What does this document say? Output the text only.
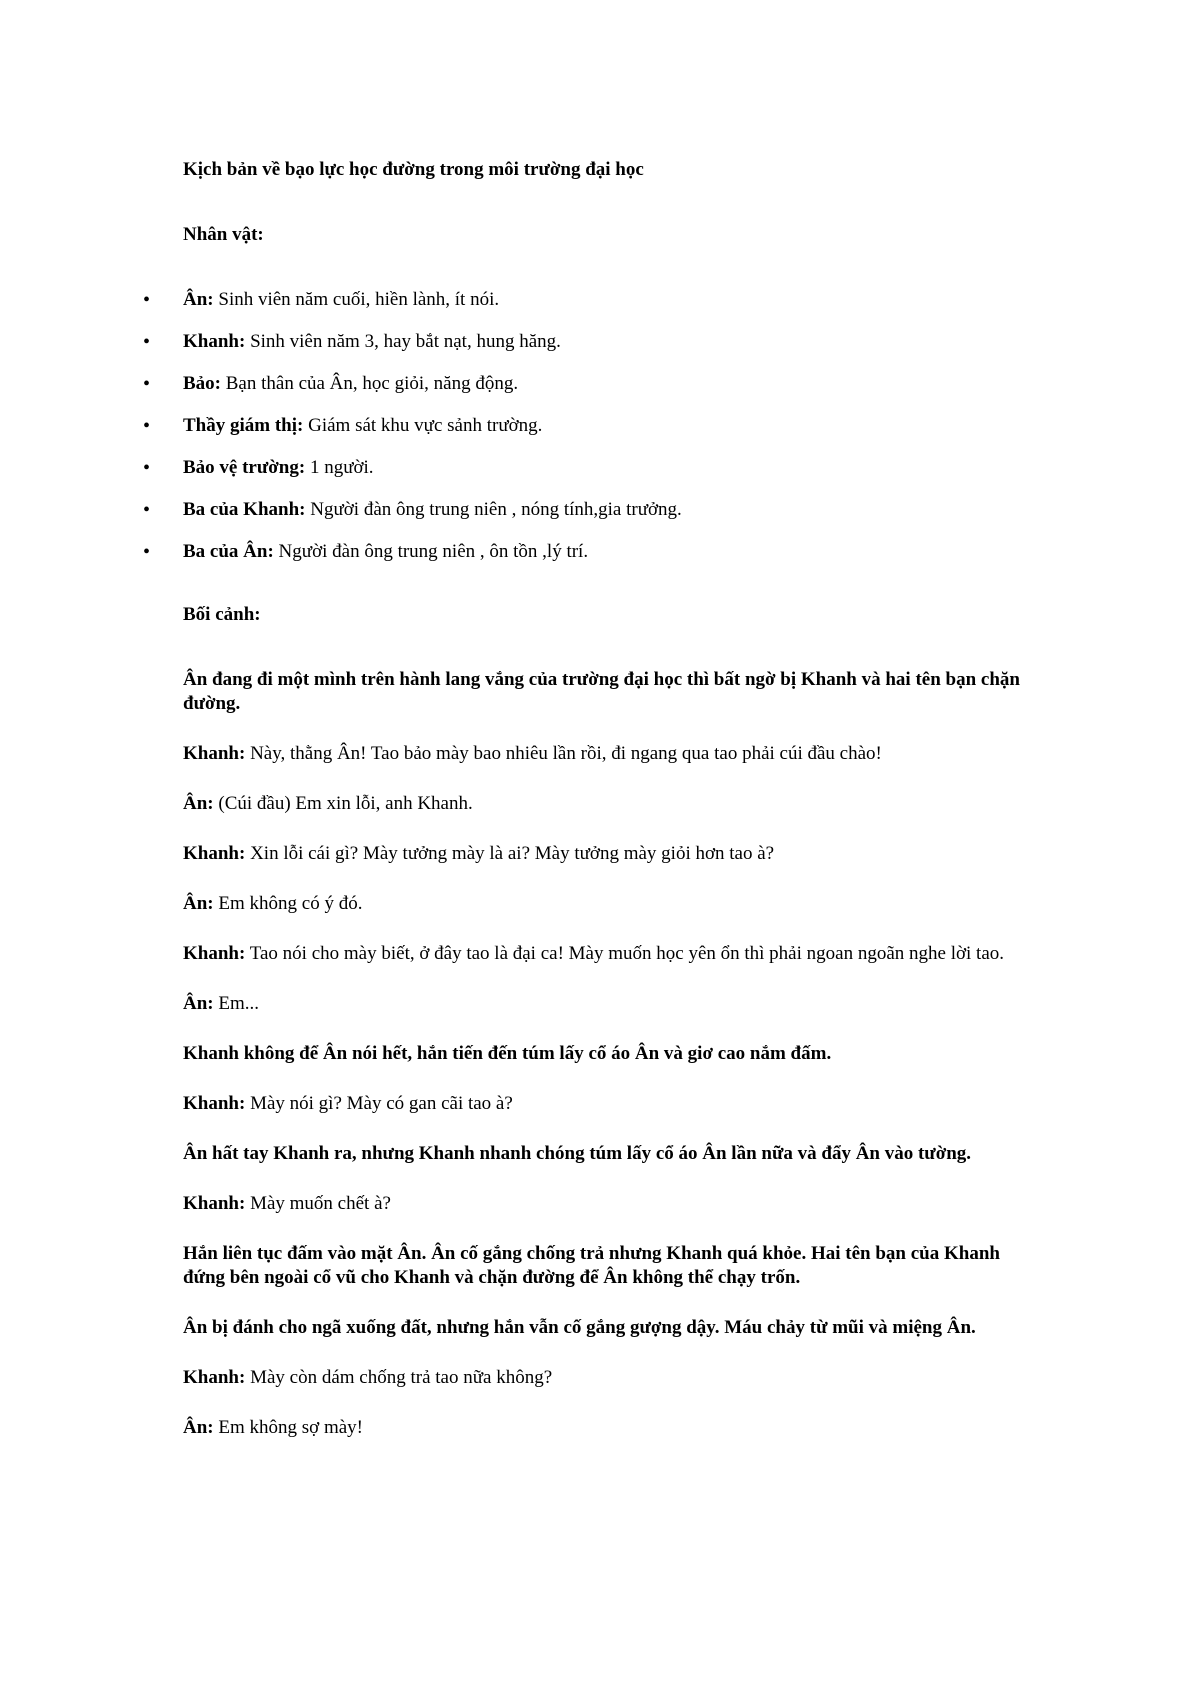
Kịch bản về bạo lực học đường trong môi trường đại học
Nhân vật:
•	Ân: Sinh viên năm cuối, hiền lành, ít nói.
•	Khanh: Sinh viên năm 3, hay bắt nạt, hung hăng.
•	Bảo: Bạn thân của Ân, học giỏi, năng động.
•	Thầy giám thị: Giám sát khu vực sảnh trường.
•	Bảo vệ trường: 1 người.
•	Ba của Khanh: Người đàn ông trung niên , nóng tính,gia trưởng.
•	Ba của Ân: Người đàn ông trung niên , ôn tồn ,lý trí.
Bối cảnh:
Ân đang đi một mình trên hành lang vắng của trường đại học thì bất ngờ bị Khanh và hai tên bạn chặn đường.
Khanh: Này, thằng Ân! Tao bảo mày bao nhiêu lần rồi, đi ngang qua tao phải cúi đầu chào!
Ân: (Cúi đầu) Em xin lỗi, anh Khanh.
Khanh: Xin lỗi cái gì? Mày tưởng mày là ai? Mày tưởng mày giỏi hơn tao à?
Ân: Em không có ý đó.
Khanh: Tao nói cho mày biết, ở đây tao là đại ca! Mày muốn học yên ổn thì phải ngoan ngoãn nghe lời tao.
Ân: Em...
Khanh không để Ân nói hết, hắn tiến đến túm lấy cổ áo Ân và giơ cao nắm đấm.
Khanh: Mày nói gì? Mày có gan cãi tao à?
Ân hất tay Khanh ra, nhưng Khanh nhanh chóng túm lấy cổ áo Ân lần nữa và đẩy Ân vào tường.
Khanh: Mày muốn chết à?
Hắn liên tục đấm vào mặt Ân. Ân cố gắng chống trả nhưng Khanh quá khỏe. Hai tên bạn của Khanh đứng bên ngoài cổ vũ cho Khanh và chặn đường để Ân không thể chạy trốn.
Ân bị đánh cho ngã xuống đất, nhưng hắn vẫn cố gắng gượng dậy. Máu chảy từ mũi và miệng Ân.
Khanh: Mày còn dám chống trả tao nữa không?
Ân: Em không sợ mày!
